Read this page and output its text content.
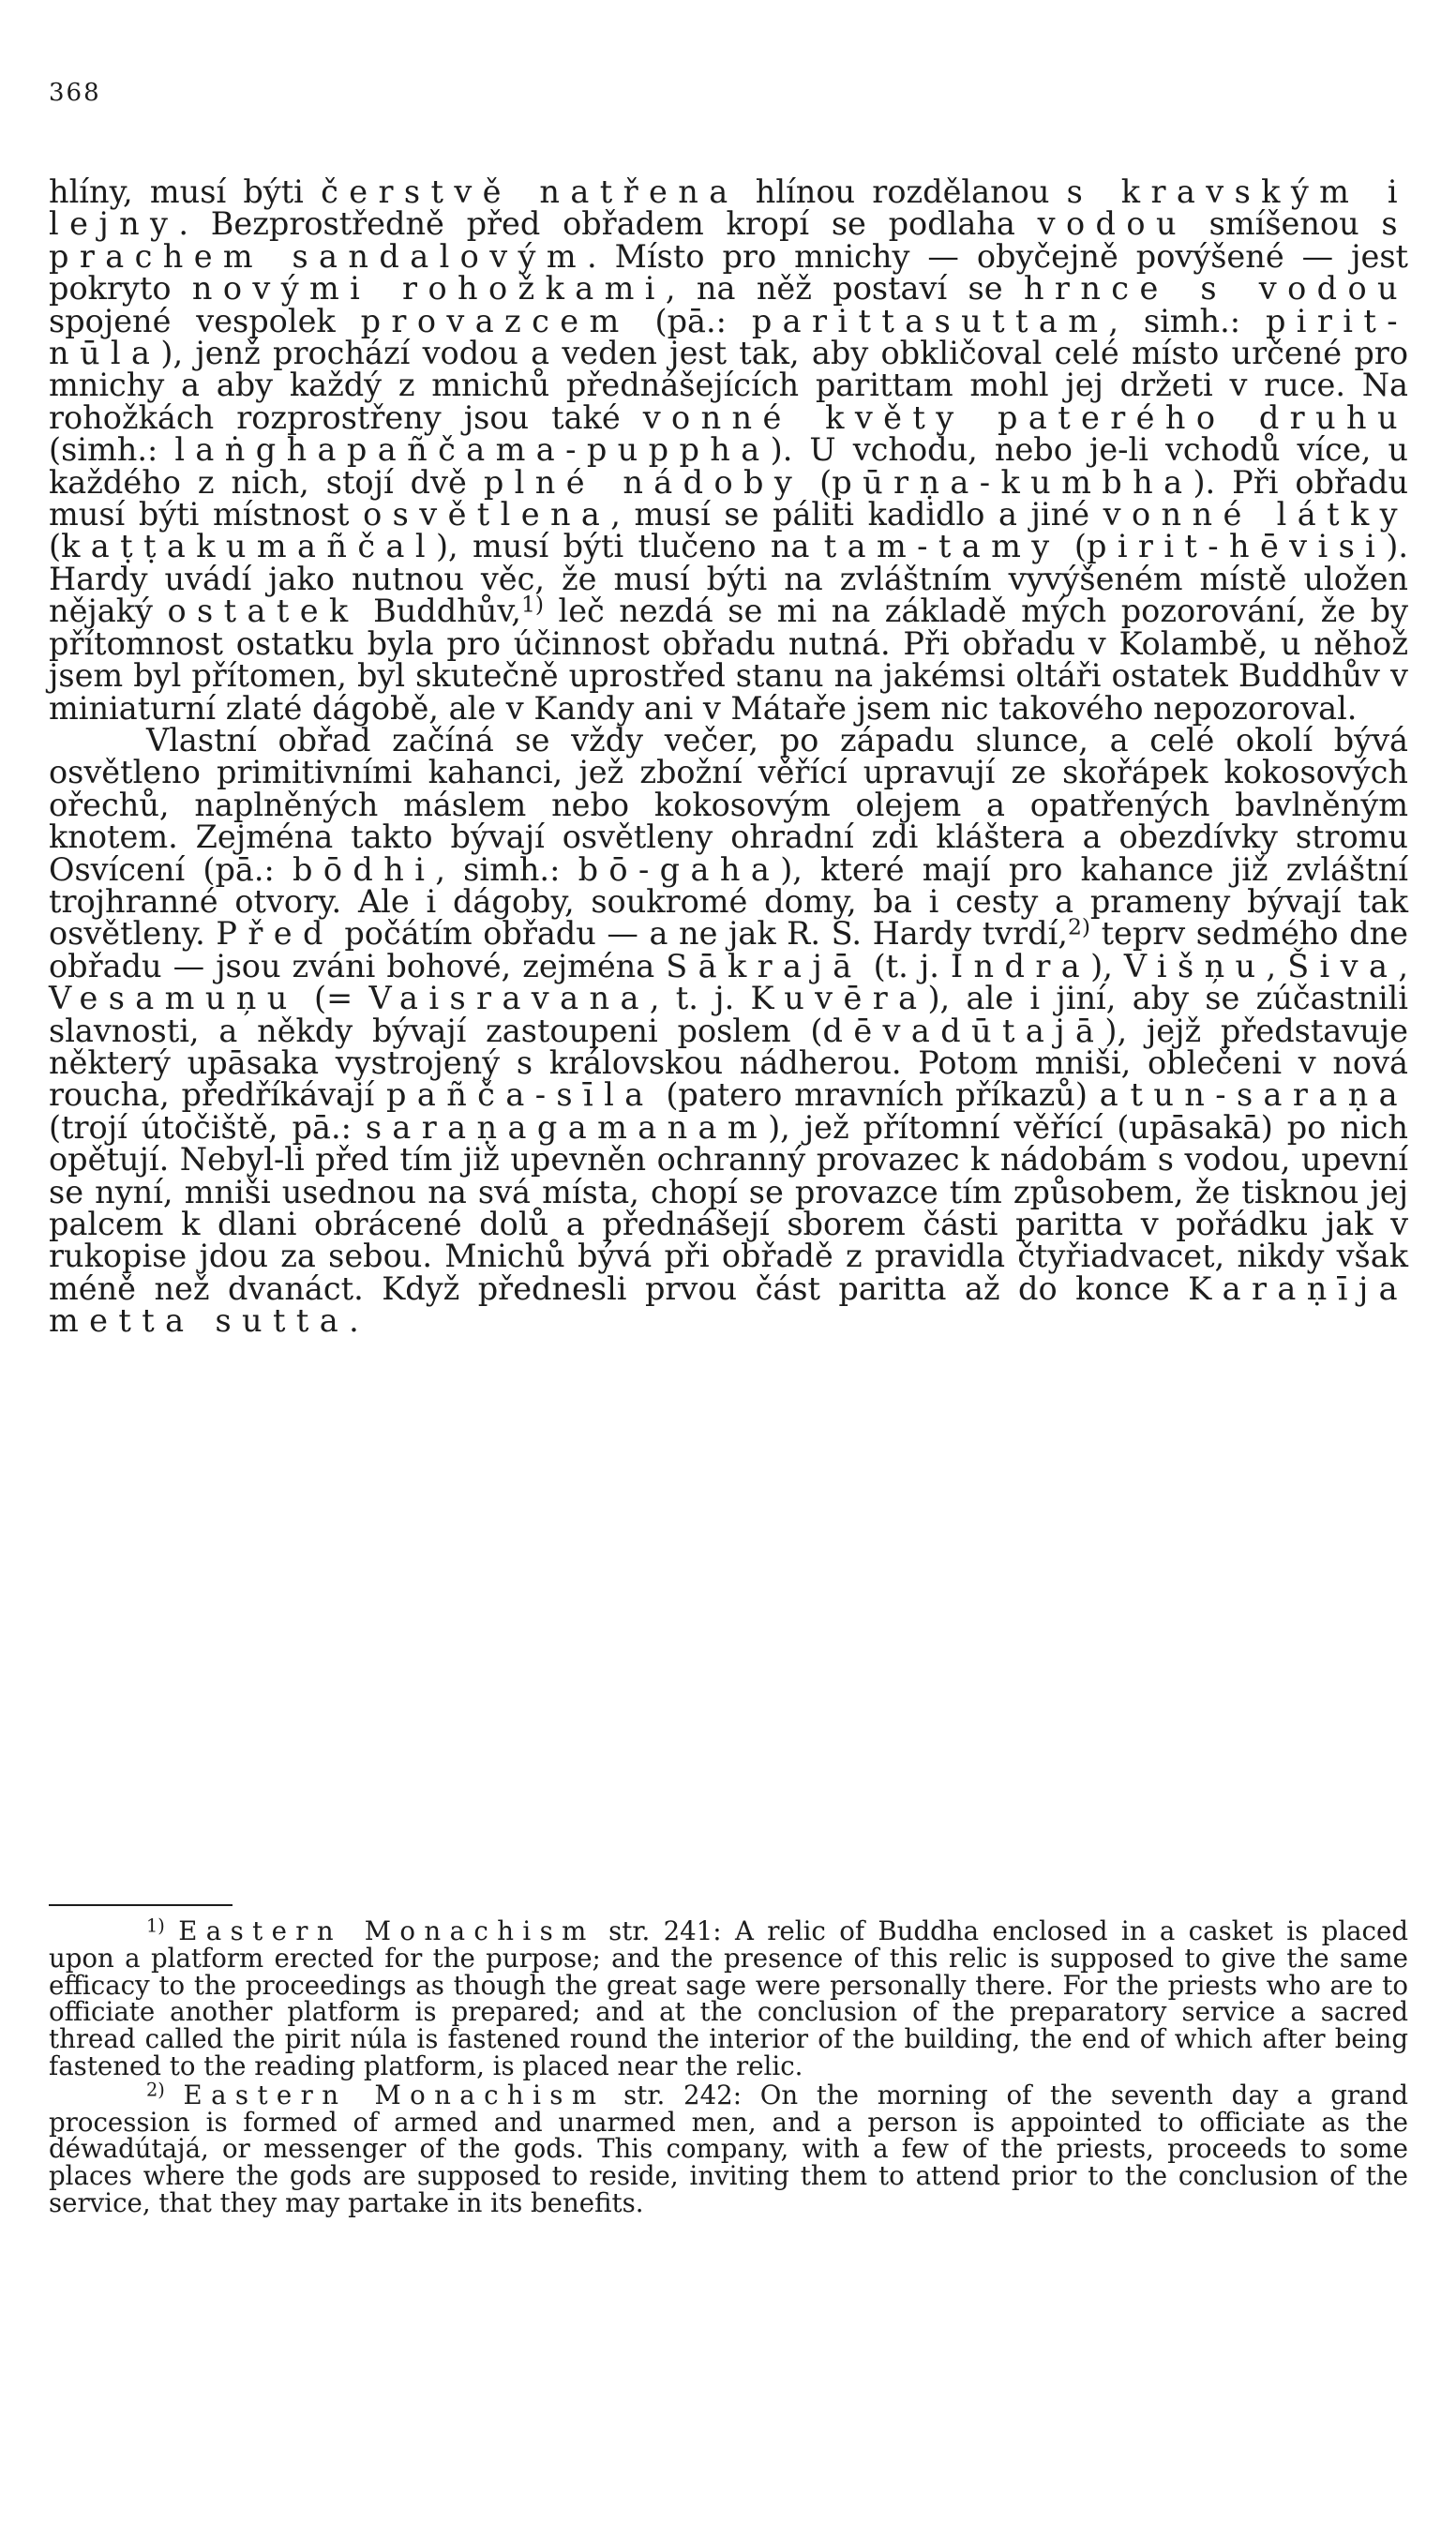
368

hlíny, musí býti čerstvě natřena hlínou rozdělanou s kravským i lejny. Bezprostředně před obřadem kropí se podlaha vodou smíšenou s prachem sandalovým. Místo pro mnichy — obyčejně povýšené — jest pokryto novými rohožkami, na něž postaví se hrnce s vodou spojené vespolek provazcem (pā.: parittasuttam, simh.: pirit-nūla), jenž prochází vodou a veden jest tak, aby obkličoval celé místo určené pro mnichy a aby každý z mnichů přednášejících parittam mohl jej držeti v ruce. Na rohožkách rozprostřeny jsou také vonné květy paterého druhu (simh.: laṅghapañčama-puppha). U vchodu, nebo je-li vchodů více, u každého z nich, stojí dvě plné nádoby (pūrṇa-kumbha). Při obřadu musí býti místnost osvětlena, musí se páliti kadidlo a jiné vonné látky (kaṭṭakumañčal), musí býti tlučeno na tam-tamy (pirit-hēvisi). Hardy uvádí jako nutnou věc, že musí býti na zvláštním vyvýšeném místě uložen nějaký ostatek Buddhův,$^{1)}$ leč nezdá se mi na základě mých pozorování, že by přítomnost ostatku byla pro účinnost obřadu nutná. Při obřadu v Kolambě, u něhož jsem byl přítomen, byl skutečně uprostřed stanu na jakémsi oltáři ostatek Buddhův v miniaturní zlaté dágobě, ale v Kandy ani v Mátaře jsem nic takového nepozoroval.

Vlastní obřad začíná se vždy večer, po západu slunce, a celé okolí bývá osvětleno primitivními kahanci, jež zbožní věřící upravují ze skořápek kokosových ořechů, naplněných máslem nebo kokosovým olejem a opatřených bavlněným knotem. Zejména takto bývají osvětleny ohradní zdi kláštera a obezdívky stromu Osvícení (pā.: bōdhi, simh.: bō-gaha), které mají pro kahance již zvláštní trojhranné otvory. Ale i dágoby, soukromé domy, ba i cesty a prameny bývají tak osvětleny. Před počátím obřadu — a ne jak R. S. Hardy tvrdí,$^{2)}$ teprv sedmého dne obřadu — jsou zváni bohové, zejména Sākrajā (t. j. Indra), Višņu, Šiva, Vesamuņu (= Vaisravana, t. j. Kuvēra), ale i jiní, aby se zúčastnili slavnosti, a někdy bývají zastoupeni poslem (dēvadūtajā), jejž představuje některý upāsaka vystrojený s královskou nádherou. Potom mniši, oblečeni v nová roucha, předříkávají pañča-sīla (patero mravních příkazů) a tun-saraṇa (trojí útočiště, pā.: saraṇagamanam), jež přítomní věřící (upāsakā) po nich opětují. Nebyl-li před tím již upevněn ochranný provazec k nádobám s vodou, upevní se nyní, mniši usednou na svá místa, chopí se provazce tím způsobem, že tisknou jej palcem k dlani obrácené dolů a přednášejí sborem části paritta v pořádku jak v rukopise jdou za sebou. Mnichů bývá při obřadě z pravidla čtyřiadvacet, nikdy však méně než dvanáct. Když přednesli prvou část paritta až do konce Karaṇīja metta sutta.

$^{1)}$ Eastern Monachism str. 241: A relic of Buddha enclosed in a casket is placed upon a platform erected for the purpose; and the presence of this relic is supposed to give the same efficacy to the proceedings as though the great sage were personally there. For the priests who are to officiate another platform is prepared; and at the conclusion of the preparatory service a sacred thread called the pirit núla is fastened round the interior of the building, the end of which after being fastened to the reading platform, is placed near the relic.

$^{2)}$ Eastern Monachism str. 242: On the morning of the seventh day a grand procession is formed of armed and unarmed men, and a person is appointed to officiate as the déwadútajá, or messenger of the gods. This company, with a few of the priests, proceeds to some places where the gods are supposed to reside, inviting them to attend prior to the conclusion of the service, that they may partake in its benefits.
